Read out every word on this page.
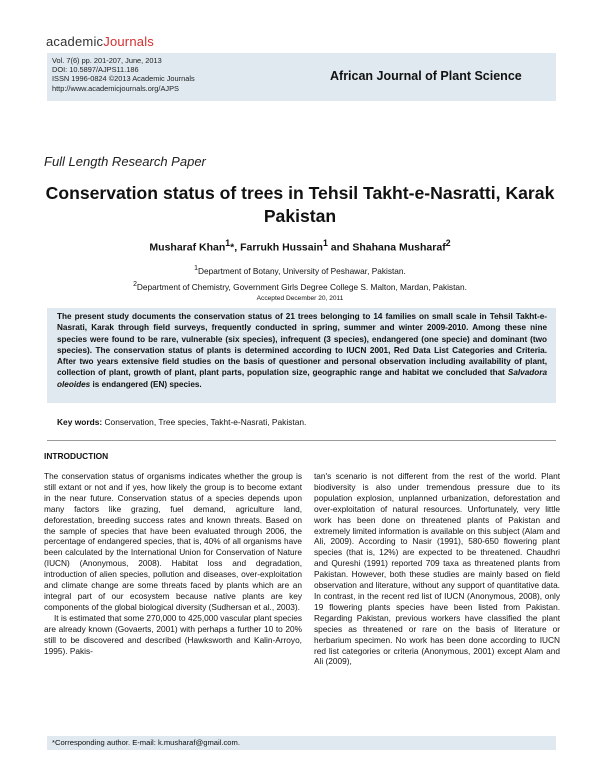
academicJournals
Vol. 7(6) pp. 201-207, June, 2013
DOI: 10.5897/AJPS11.186
ISSN 1996-0824 ©2013 Academic Journals
http://www.academicjournals.org/AJPS
African Journal of Plant Science
Full Length Research Paper
Conservation status of trees in Tehsil Takht-e-Nasratti, Karak Pakistan
Musharaf Khan$^1$*, Farrukh Hussain$^1$ and Shahana Musharaf$^2$
$^1$Department of Botany, University of Peshawar, Pakistan.
$^2$Department of Chemistry, Government Girls Degree College S. Malton, Mardan, Pakistan.
Accepted December 20, 2011
The present study documents the conservation status of 21 trees belonging to 14 families on small scale in Tehsil Takht-e-Nasrati, Karak through field surveys, frequently conducted in spring, summer and winter 2009-2010. Among these nine species were found to be rare, vulnerable (six species), infrequent (3 species), endangered (one specie) and dominant (two species). The conservation status of plants is determined according to IUCN 2001, Red Data List Categories and Criteria. After two years extensive field studies on the basis of questioner and personal observation including availability of plant, collection of plant, growth of plant, plant parts, population size, geographic range and habitat we concluded that Salvadora oleoides is endangered (EN) species.
Key words: Conservation, Tree species, Takht-e-Nasrati, Pakistan.
INTRODUCTION

The conservation status of organisms indicates whether the group is still extant or not and if yes, how likely the group is to become extant in the near future. Conservation status of a species depends upon many factors like grazing, fuel demand, agriculture land, deforestation, breeding success rates and known threats. Based on the sample of species that have been evaluated through 2006, the percentage of endangered species, that is, 40% of all organisms have been calculated by the International Union for Conservation of Nature (IUCN) (Anonymous, 2008). Habitat loss and degradation, introduction of alien species, pollution and diseases, over-exploitation and climate change are some threats faced by plants which are an integral part of our ecosystem because native plants are key components of the global biological diversity (Sudhersan et al., 2003).

It is estimated that some 270,000 to 425,000 vascular plant species are already known (Govaerts, 2001) with perhaps a further 10 to 20% still to be discovered and described (Hawksworth and Kalin-Arroyo, 1995). Pakis-

tan's scenario is not different from the rest of the world. Plant biodiversity is also under tremendous pressure due to its population explosion, unplanned urbanization, deforestation and over-exploitation of natural resources. Unfortunately, very little work has been done on threatened plants of Pakistan and extremely limited information is available on this subject (Alam and Ali, 2009). According to Nasir (1991), 580-650 flowering plant species (that is, 12%) are expected to be threatened. Chaudhri and Qureshi (1991) reported 709 taxa as threatened plants from Pakistan. However, both these studies are mainly based on field observation and literature, without any support of quantitative data. In contrast, in the recent red list of IUCN (Anonymous, 2008), only 19 flowering plants species have been listed from Pakistan. Regarding Pakistan, previous workers have classified the plant species as threatened or rare on the basis of literature or herbarium specimen. No work has been done according to IUCN red list categories or criteria (Anonymous, 2001) except Alam and Ali (2009),

*Corresponding author. E-mail: k.musharaf@gmail.com.
